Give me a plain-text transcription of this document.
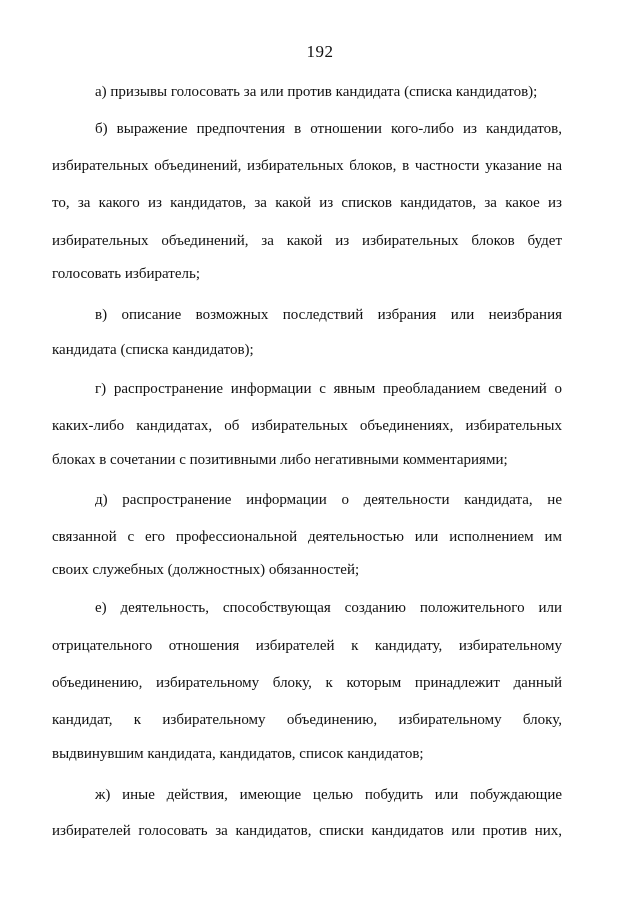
192
а) призывы голосовать за или против кандидата (списка кандидатов);
б) выражение предпочтения в отношении кого-либо из кандидатов,
избирательных объединений, избирательных блоков, в частности указание на
то, за какого из кандидатов, за какой из списков кандидатов, за какое из
избирательных объединений, за какой из избирательных блоков будет
голосовать избиратель;
в) описание возможных последствий избрания или неизбрания
кандидата (списка кандидатов);
г) распространение информации с явным преобладанием сведений о
каких-либо кандидатах, об избирательных объединениях, избирательных
блоках в сочетании с позитивными либо негативными комментариями;
д) распространение информации о деятельности кандидата, не
связанной с его профессиональной деятельностью или исполнением им
своих служебных (должностных) обязанностей;
е) деятельность, способствующая созданию положительного или
отрицательного отношения избирателей к кандидату, избирательному
объединению, избирательному блоку, к которым принадлежит данный
кандидат, к избирательному объединению, избирательному блоку,
выдвинувшим кандидата, кандидатов, список кандидатов;
ж) иные действия, имеющие целью побудить или побуждающие
избирателей голосовать за кандидатов, списки кандидатов или против них,
